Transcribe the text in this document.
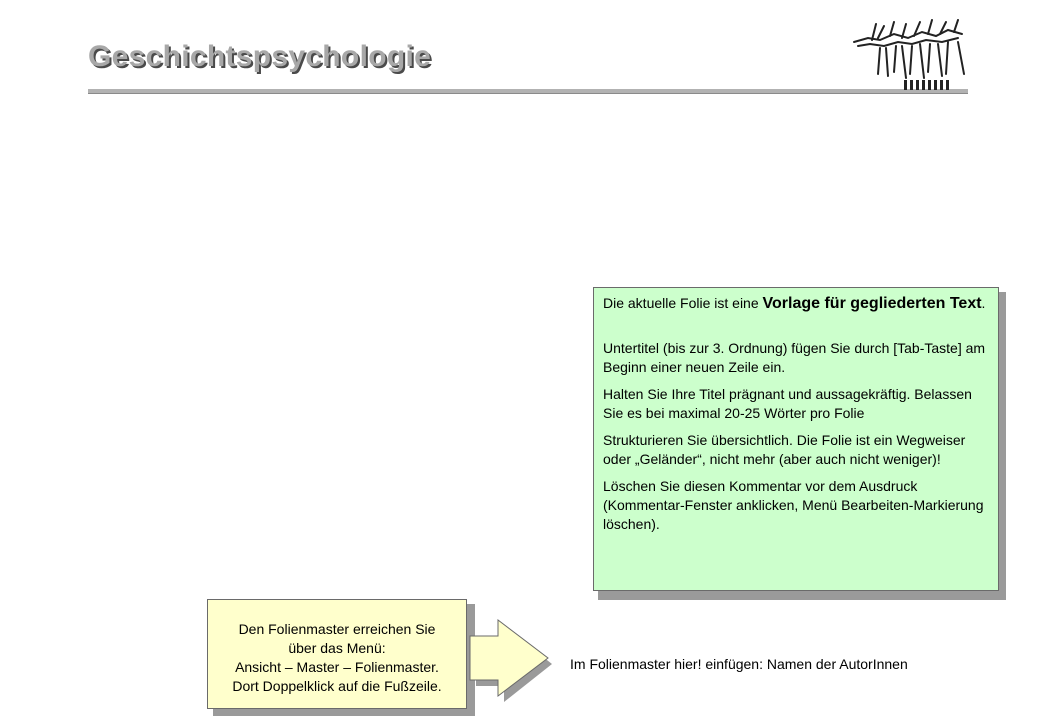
Geschichtspsychologie

Die aktuelle Folie ist eine Vorlage für gegliederten Text.

Untertitel (bis zur 3. Ordnung) fügen Sie durch [Tab-Taste] am Beginn einer neuen Zeile ein.

Halten Sie Ihre Titel prägnant und aussagekräftig. Belassen Sie es bei maximal 20-25 Wörter pro Folie

Strukturieren Sie übersichtlich. Die Folie ist ein Wegweiser oder „Geländer“, nicht mehr (aber auch nicht weniger)!

Löschen Sie diesen Kommentar vor dem Ausdruck (Kommentar-Fenster anklicken, Menü Bearbeiten-Markierung löschen).

Den Folienmaster erreichen Sie
über das Menü:
Ansicht – Master – Folienmaster.
Dort Doppelklick auf die Fußzeile.
Im Folienmaster hier! einfügen: Namen der AutorInnen
